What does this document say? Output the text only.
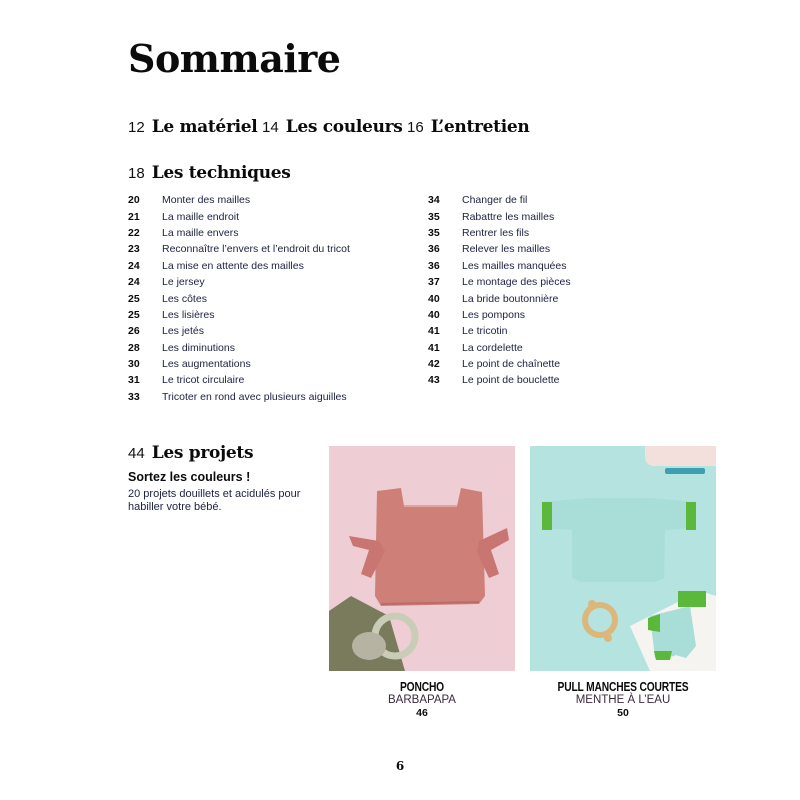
Sommaire
12 Le matériel 14 Les couleurs 16 L’entretien
18 Les techniques
20	Monter des mailles
21	La maille endroit
22	La maille envers
23	Reconnaître l’envers et l’endroit du tricot
24	La mise en attente des mailles
24	Le jersey
25	Les côtes
25	Les lisières
26	Les jetés
28	Les diminutions
30	Les augmentations
31	Le tricot circulaire
33	Tricoter en rond avec plusieurs aiguilles
34	Changer de fil
35	Rabattre les mailles
35	Rentrer les fils
36	Relever les mailles
36	Les mailles manquées
37	Le montage des pièces
40	La bride boutonnière
40	Les pompons
41	Le tricotin
41	La cordelette
42	Le point de chaînette
43	Le point de bouclette
44 Les projets
Sortez les couleurs !
20 projets douillets et acidulés pour habiller votre bébé.
PONCHO
BARBAPAPA
46
PULL MANCHES COURTES
MENTHE À L’EAU
50
6
